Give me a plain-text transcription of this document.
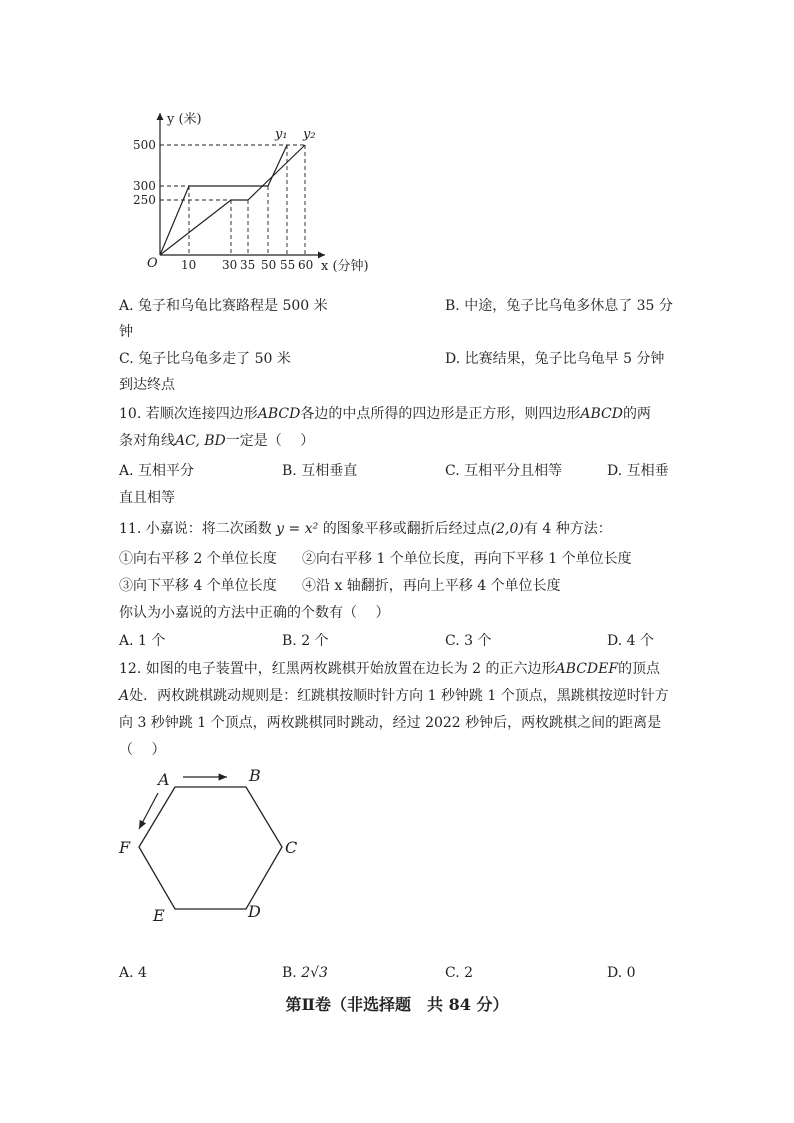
y (米)
x (分钟)
O
500
300
250
10 30 35 50 55 60
y₁ y₂
A. 兔子和乌龟比赛路程是 500 米	B. 中途，兔子比乌龟多休息了 35 分
钟
C. 兔子比乌龟多走了 50 米	D. 比赛结果，兔子比乌龟早 5 分钟
到达终点
10. 若顺次连接四边形ABCD各边的中点所得的四边形是正方形，则四边形ABCD的两
条对角线AC, BD一定是（　 ）
A. 互相平分	B. 互相垂直	C. 互相平分且相等	D. 互相垂
直且相等
11. 小嘉说：将二次函数 y = x² 的图象平移或翻折后经过点(2,0)有 4 种方法：
①向右平移 2 个单位长度 ②向右平移 1 个单位长度，再向下平移 1 个单位长度
③向下平移 4 个单位长度 ④沿 x 轴翻折，再向上平移 4 个单位长度
你认为小嘉说的方法中正确的个数有（　 ）
A. 1 个	B. 2 个	C. 3 个	D. 4 个
12. 如图的电子装置中，红黑两枚跳棋开始放置在边长为 2 的正六边形ABCDEF的顶点
A处．两枚跳棋跳动规则是：红跳棋按顺时针方向 1 秒钟跳 1 个顶点，黑跳棋按逆时针方
向 3 秒钟跳 1 个顶点，两枚跳棋同时跳动，经过 2022 秒钟后，两枚跳棋之间的距离是
（　 ）
A	B
C
D
E
F
A. 4	B. 2√3	C. 2	D. 0
第Ⅱ卷（非选择题　共 84 分）
